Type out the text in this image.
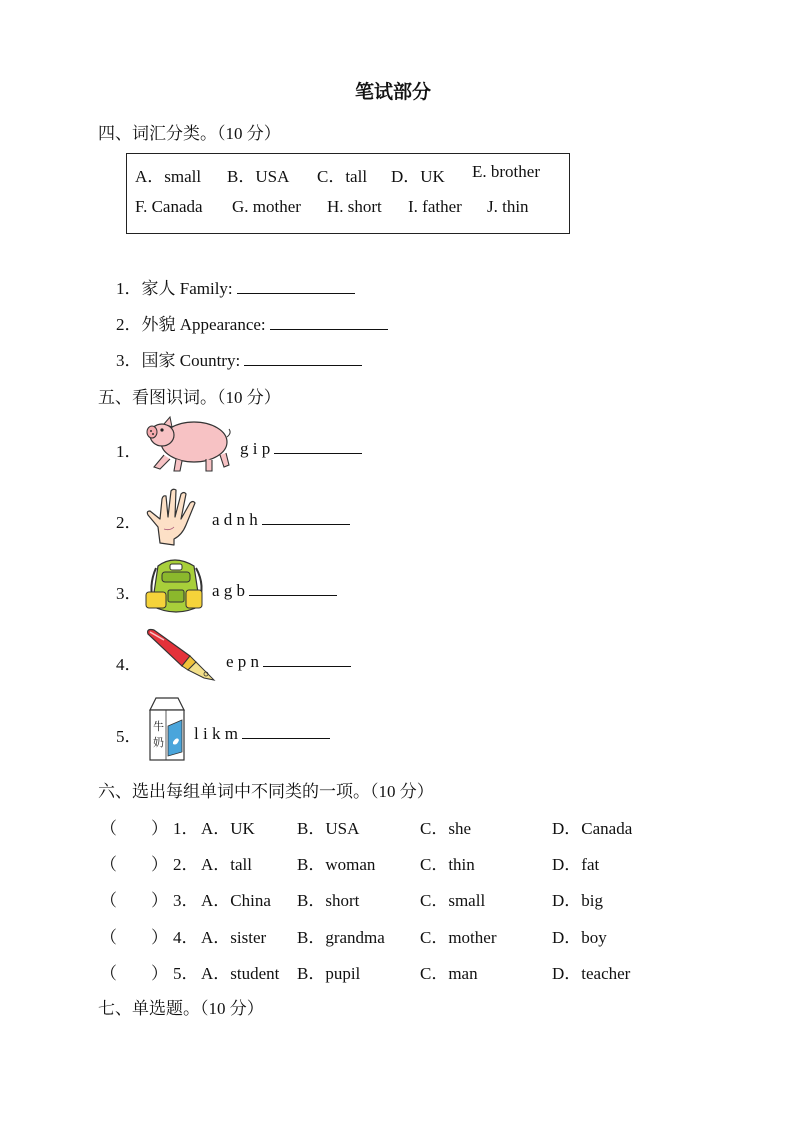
笔试部分
四、词汇分类。（10 分）
A．small B．USA C．tall D．UK E. brother
F. Canada G. mother H. short I. father J. thin
1．家人 Family:
2．外貌 Appearance:
3．国家 Country:
五、看图识词。（10 分）
1．	g i p
2．	a d n h
3．	a g b
4．	e p n
5．
牛
奶 l i k m
六、选出每组单词中不同类的一项。（10 分）
（　　） 1． A．UK B．USA	C．she	D．Canada
（　　） 2． A．tall	B．woman	C．thin	D．fat
（　　） 3． A．China B．short	C．small	D．big
（　　） 4． A．sister B．grandma C．mother	D．boy
（　　） 5． A．student B．pupil	C．man	D．teacher
七、单选题。（10 分）
